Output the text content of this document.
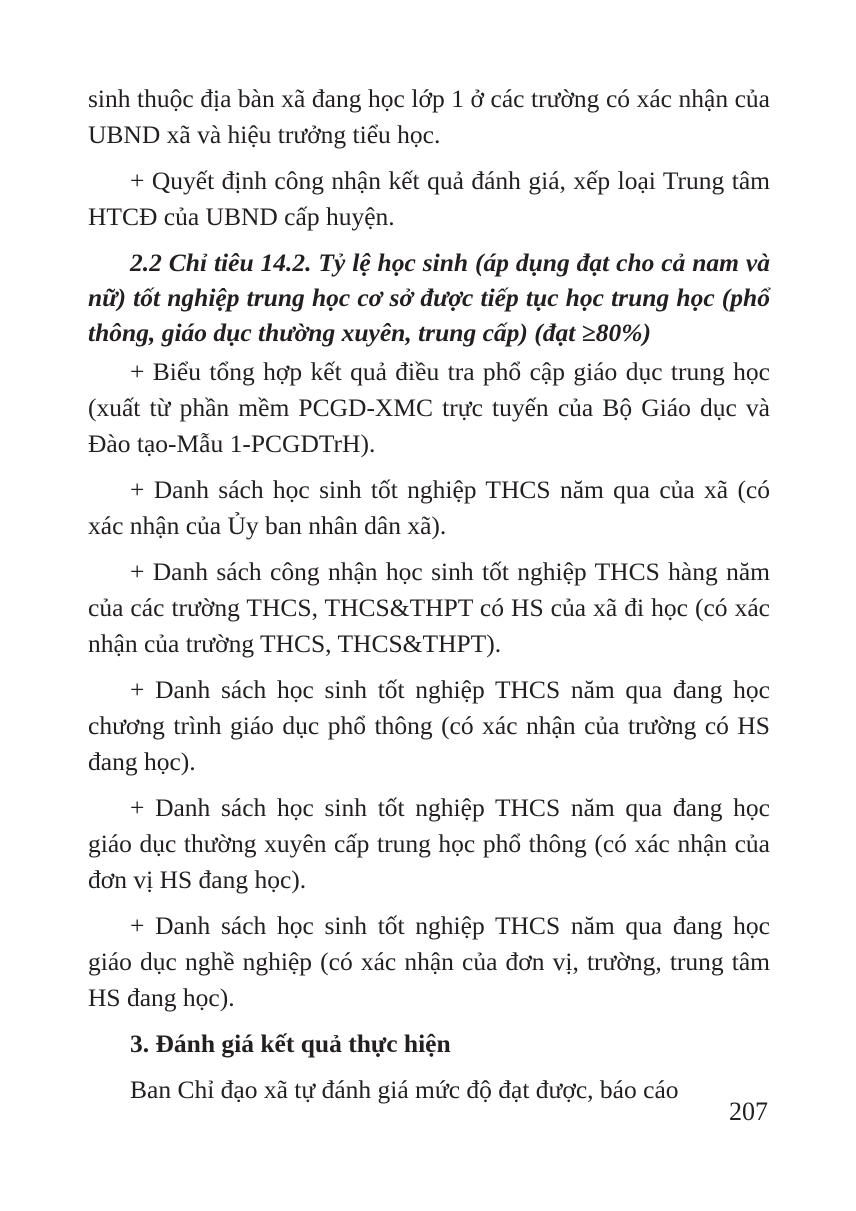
sinh thuộc địa bàn xã đang học lớp 1 ở các trường có xác nhận của UBND xã và hiệu trưởng tiểu học.

+ Quyết định công nhận kết quả đánh giá, xếp loại Trung tâm HTCĐ của UBND cấp huyện.

2.2 Chỉ tiêu 14.2. Tỷ lệ học sinh (áp dụng đạt cho cả nam và nữ) tốt nghiệp trung học cơ sở được tiếp tục học trung học (phổ thông, giáo dục thường xuyên, trung cấp) (đạt ≥80%)

+ Biểu tổng hợp kết quả điều tra phổ cập giáo dục trung học (xuất từ phần mềm PCGD-XMC trực tuyến của Bộ Giáo dục và Đào tạo-Mẫu 1-PCGDTrH).

+ Danh sách học sinh tốt nghiệp THCS năm qua của xã (có xác nhận của Ủy ban nhân dân xã).

+ Danh sách công nhận học sinh tốt nghiệp THCS hàng năm của các trường THCS, THCS&THPT có HS của xã đi học (có xác nhận của trường THCS, THCS&THPT).

+ Danh sách học sinh tốt nghiệp THCS năm qua đang học chương trình giáo dục phổ thông (có xác nhận của trường có HS đang học).

+ Danh sách học sinh tốt nghiệp THCS năm qua đang học giáo dục thường xuyên cấp trung học phổ thông (có xác nhận của đơn vị HS đang học).

+ Danh sách học sinh tốt nghiệp THCS năm qua đang học giáo dục nghề nghiệp (có xác nhận của đơn vị, trường, trung tâm HS đang học).

3. Đánh giá kết quả thực hiện

Ban Chỉ đạo xã tự đánh giá mức độ đạt được, báo cáo

207
